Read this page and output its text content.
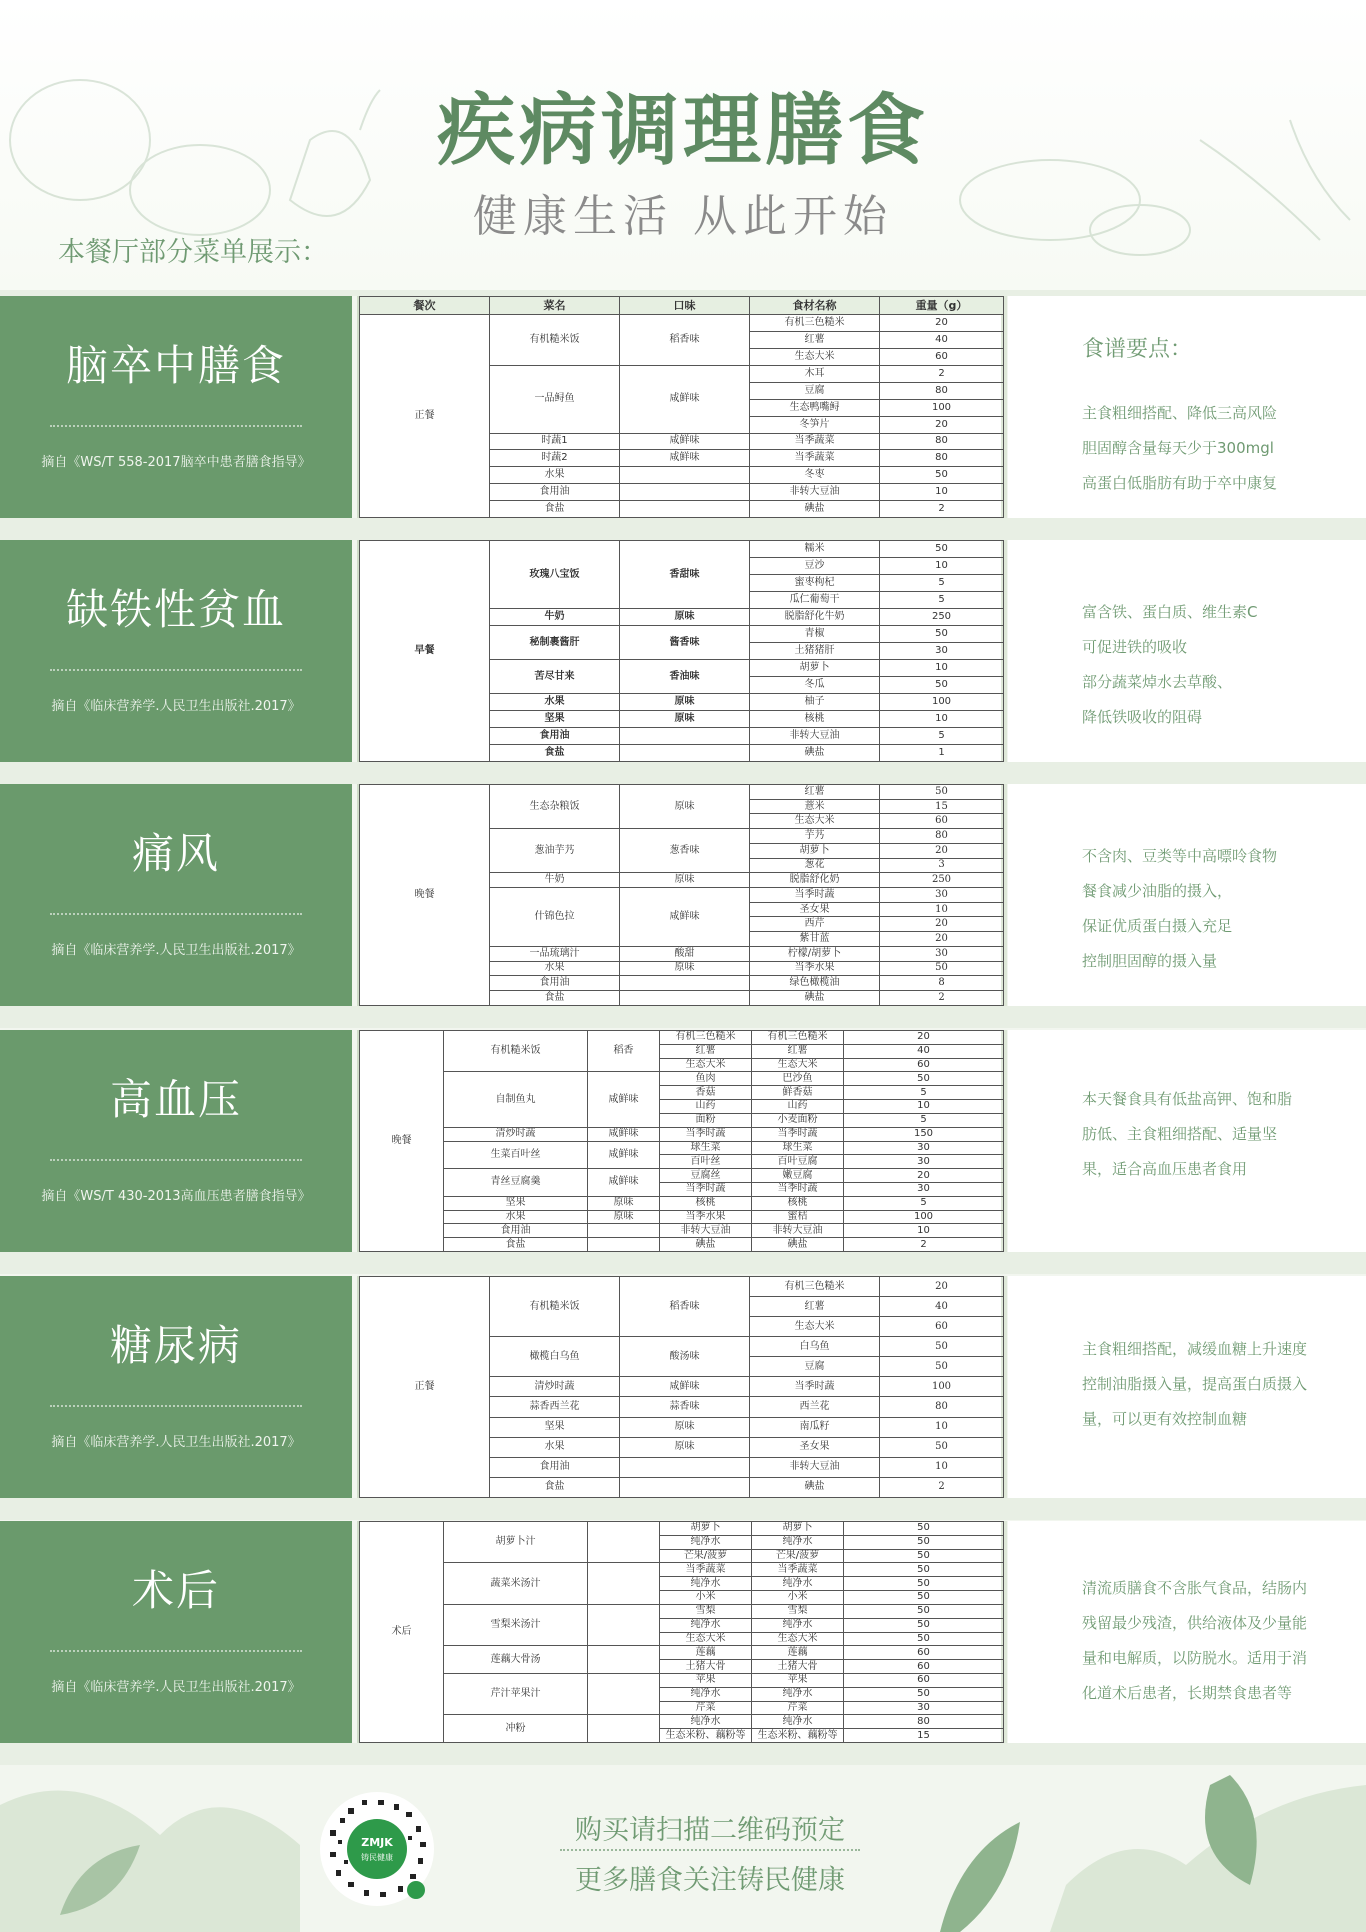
疾病调理膳食
健康生活 从此开始
本餐厅部分菜单展示：
脑卒中膳食
摘自《WS/T 558-2017脑卒中患者膳食指导》
餐次	菜名	口味	食材名称	重量（g）
正餐	有机糙米饭	稻香味	有机三色糙米	20
			红薯	40
			生态大米	60
	一品鲟鱼	咸鲜味	木耳	2
			豆腐	80
			生态鸭嘴鲟	100
			冬笋片	20
	时蔬1	咸鲜味	当季蔬菜	80
	时蔬2	咸鲜味	当季蔬菜	80
	水果		冬枣	50
	食用油		非转大豆油	10
	食盐		碘盐	2
食谱要点：
主食粗细搭配、降低三高风险
胆固醇含量每天少于300mgl
高蛋白低脂肪有助于卒中康复
缺铁性贫血
摘自《临床营养学.人民卫生出版社.2017》
早餐	玫瑰八宝饭	香甜味	糯米	50
			豆沙	10
			蜜枣枸杞	5
			瓜仁葡萄干	5
	牛奶	原味	脱脂舒化牛奶	250
	秘制裹酱肝	酱香味	青椒	50
			土猪猪肝	30
	苦尽甘来	香油味	胡萝卜	10
			冬瓜	50
	水果	原味	柚子	100
	坚果	原味	核桃	10
	食用油		非转大豆油	5
	食盐		碘盐	1
富含铁、蛋白质、维生素C
可促进铁的吸收
部分蔬菜焯水去草酸、
降低铁吸收的阻碍
痛风
摘自《临床营养学.人民卫生出版社.2017》
晚餐	生态杂粮饭	原味	红薯	50
			薏米	15
			生态大米	60
	葱油芋艿	葱香味	芋艿	80
			胡萝卜	20
			葱花	3
	牛奶	原味	脱脂舒化奶	250
	什锦色拉	咸鲜味	当季时蔬	30
			圣女果	10
			西芹	20
			紫甘蓝	20
	一品琉璃汁	酸甜	柠檬/胡萝卜	30
	水果	原味	当季水果	50
	食用油		绿色橄榄油	8
	食盐		碘盐	2
不含肉、豆类等中高嘌呤食物
餐食减少油脂的摄入，
保证优质蛋白摄入充足
控制胆固醇的摄入量
高血压
摘自《WS/T 430-2013高血压患者膳食指导》
晚餐	有机糙米饭	稻香	有机三色糙米	有机三色糙米	20
			红薯	红薯	40
			生态大米	生态大米	60
	自制鱼丸	咸鲜味	鱼肉	巴沙鱼	50
			香菇	鲜香菇	5
			山药	山药	10
			面粉	小麦面粉	5
	清炒时蔬	咸鲜味	当季时蔬	当季时蔬	150
	生菜百叶丝	咸鲜味	球生菜	球生菜	30
			百叶丝	百叶豆腐	30
	青丝豆腐羹	咸鲜味	豆腐丝	嫩豆腐	20
			当季时蔬	当季时蔬	30
	坚果	原味	核桃	核桃	5
	水果	原味	当季水果	蜜桔	100
	食用油		非转大豆油	非转大豆油	10
	食盐		碘盐	碘盐	2
本天餐食具有低盐高钾、饱和脂
肪低、主食粗细搭配、适量坚
果，适合高血压患者食用
糖尿病
摘自《临床营养学.人民卫生出版社.2017》
正餐	有机糙米饭	稻香味	有机三色糙米	20
			红薯	40
			生态大米	60
	橄榄白乌鱼	酸汤味	白乌鱼	50
			豆腐	50
	清炒时蔬	咸鲜味	当季时蔬	100
	蒜香西兰花	蒜香味	西兰花	80
	坚果	原味	南瓜籽	10
	水果	原味	圣女果	50
	食用油		非转大豆油	10
	食盐		碘盐	2
主食粗细搭配，减缓血糖上升速度
控制油脂摄入量，提高蛋白质摄入
量，可以更有效控制血糖
术后
摘自《临床营养学.人民卫生出版社.2017》
术后	胡萝卜汁		胡萝卜	胡萝卜	50
			纯净水	纯净水	50
			芒果/菠萝	芒果/菠萝	50
	蔬菜米汤汁		当季蔬菜	当季蔬菜	50
			纯净水	纯净水	50
			小米	小米	50
	雪梨米汤汁		雪梨	雪梨	50
			纯净水	纯净水	50
			生态大米	生态大米	50
	莲藕大骨汤		莲藕	莲藕	60
			土猪大骨	土猪大骨	60
	芹汁苹果汁		苹果	苹果	60
			纯净水	纯净水	50
			芹菜	芹菜	30
	冲粉		纯净水	纯净水	80
			生态米粉、藕粉等	生态米粉、藕粉等	15
清流质膳食不含胀气食品，结肠内
残留最少残渣，供给液体及少量能
量和电解质，以防脱水。适用于消
化道术后患者，长期禁食患者等
ZMJK
铸民健康
购买请扫描二维码预定
更多膳食关注铸民健康
